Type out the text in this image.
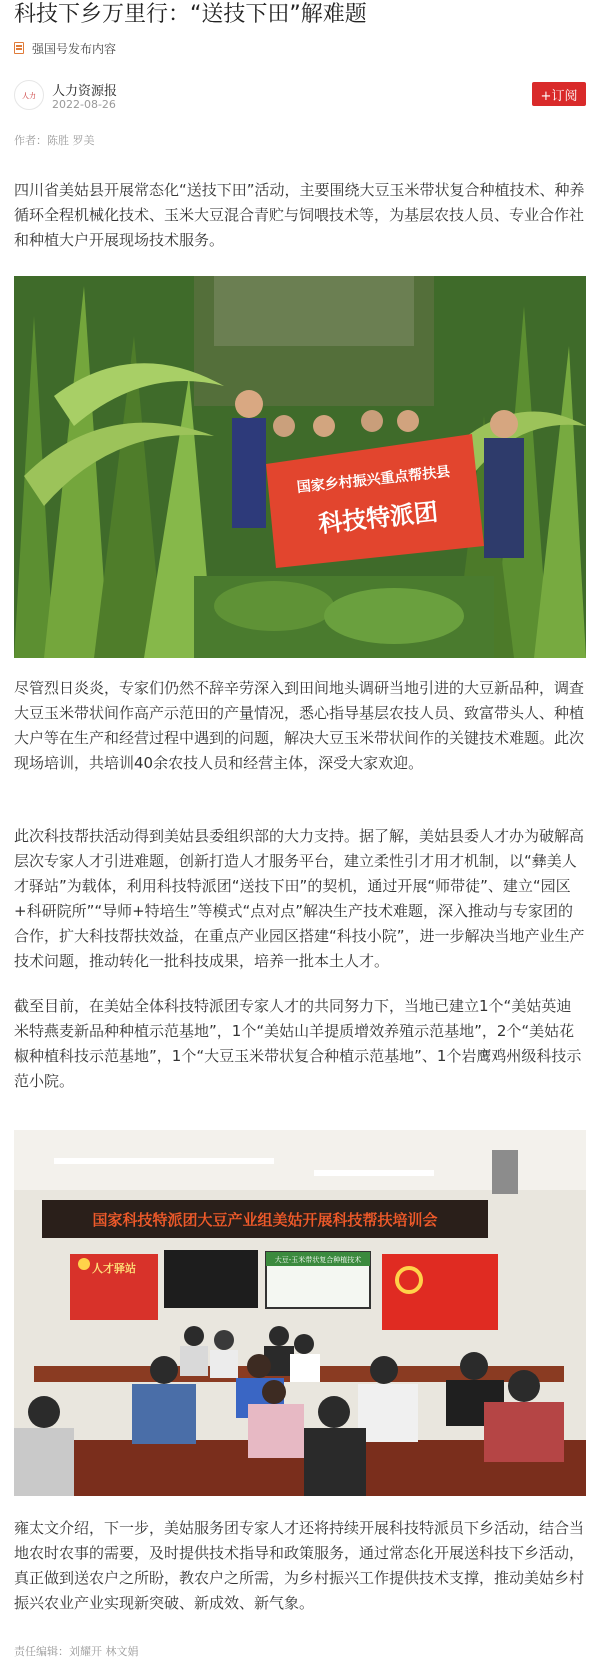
科技下乡万里行：“送技下田”解难题
强国号发布内容
人力 人力资源报
2022-08-26
+订阅
作者：陈胜 罗美

四川省美姑县开展常态化“送技下田”活动，主要围绕大豆玉米带状复合种植技术、种养循环全程机械化技术、玉米大豆混合青贮与饲喂技术等，为基层农技人员、专业合作社和种植大户开展现场技术服务。

国家乡村振兴重点帮扶县
科技特派团

尽管烈日炎炎，专家们仍然不辞辛劳深入到田间地头调研当地引进的大豆新品种，调查大豆玉米带状间作高产示范田的产量情况，悉心指导基层农技人员、致富带头人、种植大户等在生产和经营过程中遇到的问题，解决大豆玉米带状间作的关键技术难题。此次现场培训，共培训40余农技人员和经营主体，深受大家欢迎。

此次科技帮扶活动得到美姑县委组织部的大力支持。据了解，美姑县委人才办为破解高层次专家人才引进难题，创新打造人才服务平台，建立柔性引才用才机制，以“彝美人才驿站”为载体，利用科技特派团“送技下田”的契机，通过开展“师带徒”、建立“园区+科研院所”“导师+特培生”等模式“点对点”解决生产技术难题，深入推动与专家团的合作，扩大科技帮扶效益，在重点产业园区搭建“科技小院”，进一步解决当地产业生产技术问题，推动转化一批科技成果，培养一批本土人才。

截至目前，在美姑全体科技特派团专家人才的共同努力下，当地已建立1个“美姑英迪米特燕麦新品种种植示范基地”，1个“美姑山羊提质增效养殖示范基地”，2个“美姑花椒种植科技示范基地”，1个“大豆玉米带状复合种植示范基地”、1个岩鹰鸡州级科技示范小院。

国家科技特派团大豆产业组美姑开展科技帮扶培训会
人才驿站
大豆-玉米带状复合种植技术

雍太文介绍，下一步，美姑服务团专家人才还将持续开展科技特派员下乡活动，结合当地农时农事的需要，及时提供技术指导和政策服务，通过常态化开展送科技下乡活动，真正做到送农户之所盼，教农户之所需，为乡村振兴工作提供技术支撑，推动美姑乡村振兴农业产业实现新突破、新成效、新气象。

责任编辑：刘耀开 林文娟
